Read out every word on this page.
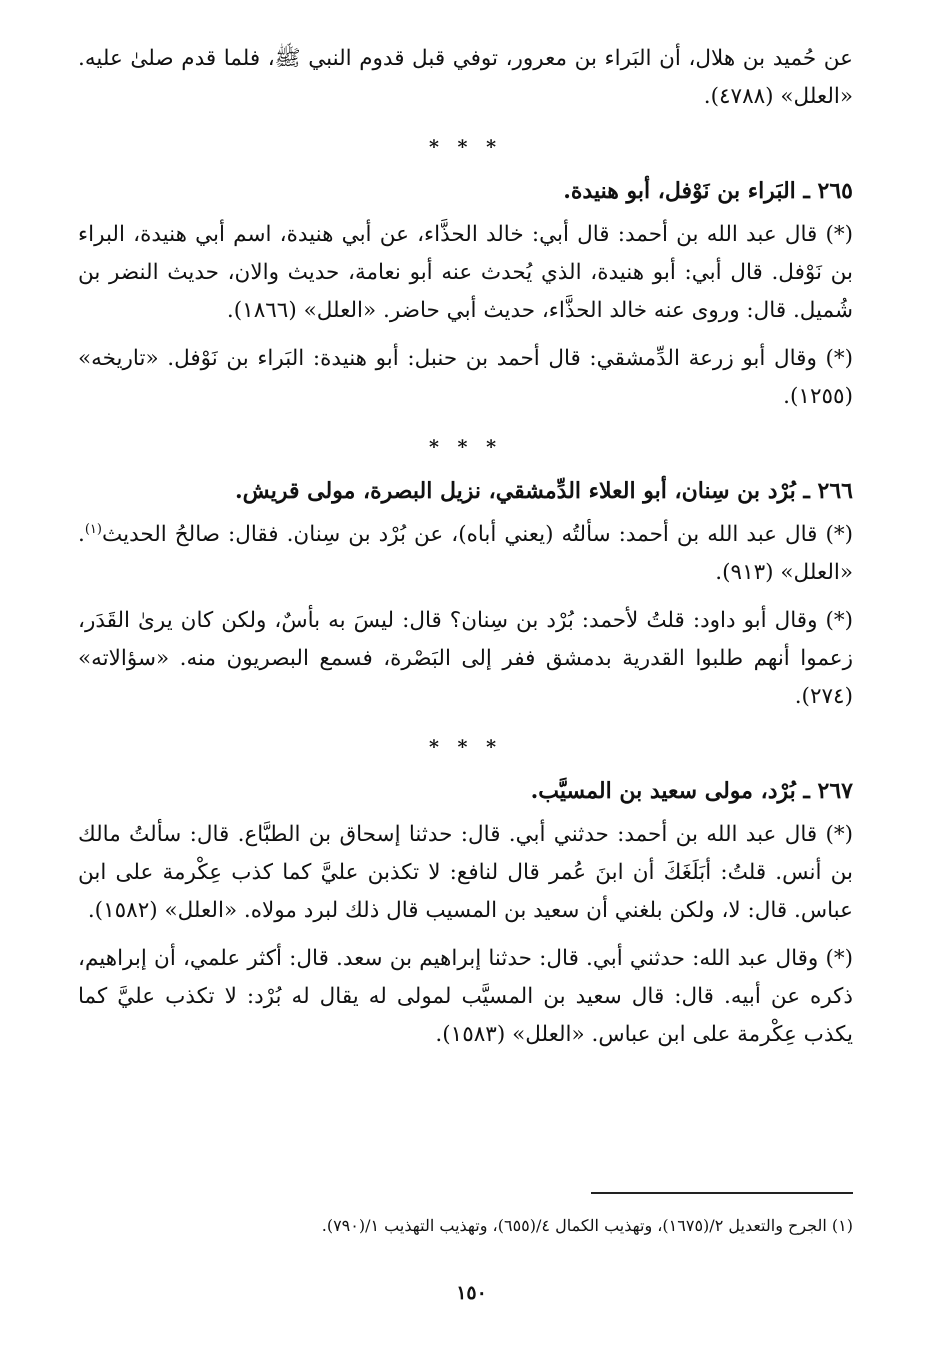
عن حُميد بن هلال، أن البَراء بن معرور، توفي قبل قدوم النبي ﷺ، فلما قدم صلىٰ عليه. «العلل» (٤٧٨٨).

* * *
٢٦٥ ـ البَراء بن نَوْفل، أبو هنيدة.

(*) قال عبد الله بن أحمد: قال أبي: خالد الحذَّاء، عن أبي هنيدة، اسم أبي هنيدة، البراء بن نَوْفل. قال أبي: أبو هنيدة، الذي يُحدث عنه أبو نعامة، حديث والان، حديث النضر بن شُميل. قال: وروى عنه خالد الحذَّاء، حديث أبي حاضر. «العلل» (١٨٦٦).

(*) وقال أبو زرعة الدِّمشقي: قال أحمد بن حنبل: أبو هنيدة: البَراء بن نَوْفل. «تاريخه» (١٢٥٥).

* * *
٢٦٦ ـ بُرْد بن سِنان، أبو العلاء الدِّمشقي، نزيل البصرة، مولى قريش.

(*) قال عبد الله بن أحمد: سألتُه (يعني أباه)، عن بُرْد بن سِنان. فقال: صالحُ الحديث$^{(١)}$. «العلل» (٩١٣).

(*) وقال أبو داود: قلتُ لأحمد: بُرْد بن سِنان؟ قال: ليسَ به بأسٌ، ولكن كان يرىٰ القَدَر، زعموا أنهم طلبوا القدرية بدمشق ففر إلى البَصْرة، فسمع البصريون منه. «سؤالاته» (٢٧٤).

* * *
٢٦٧ ـ بُرْد، مولى سعيد بن المسيَّب.

(*) قال عبد الله بن أحمد: حدثني أبي. قال: حدثنا إسحاق بن الطبَّاع. قال: سألتُ مالك بن أنس. قلتُ: أبَلَغَكَ أن ابنَ عُمر قال لنافع: لا تكذبن عليَّ كما كذب عِكْرمة على ابن عباس. قال: لا، ولكن بلغني أن سعيد بن المسيب قال ذلك لبرد مولاه. «العلل» (١٥٨٢).

(*) وقال عبد الله: حدثني أبي. قال: حدثنا إبراهيم بن سعد. قال: أكثر علمي، أن إبراهيم، ذكره عن أبيه. قال: قال سعيد بن المسيَّب لمولى له يقال له بُرْد: لا تكذب عليَّ كما يكذب عِكْرمة على ابن عباس. «العلل» (١٥٨٣).

(١) الجرح والتعديل ٢/(١٦٧٥)، وتهذيب الكمال ٤/(٦٥٥)، وتهذيب التهذيب ١/(٧٩٠).
١٥٠
